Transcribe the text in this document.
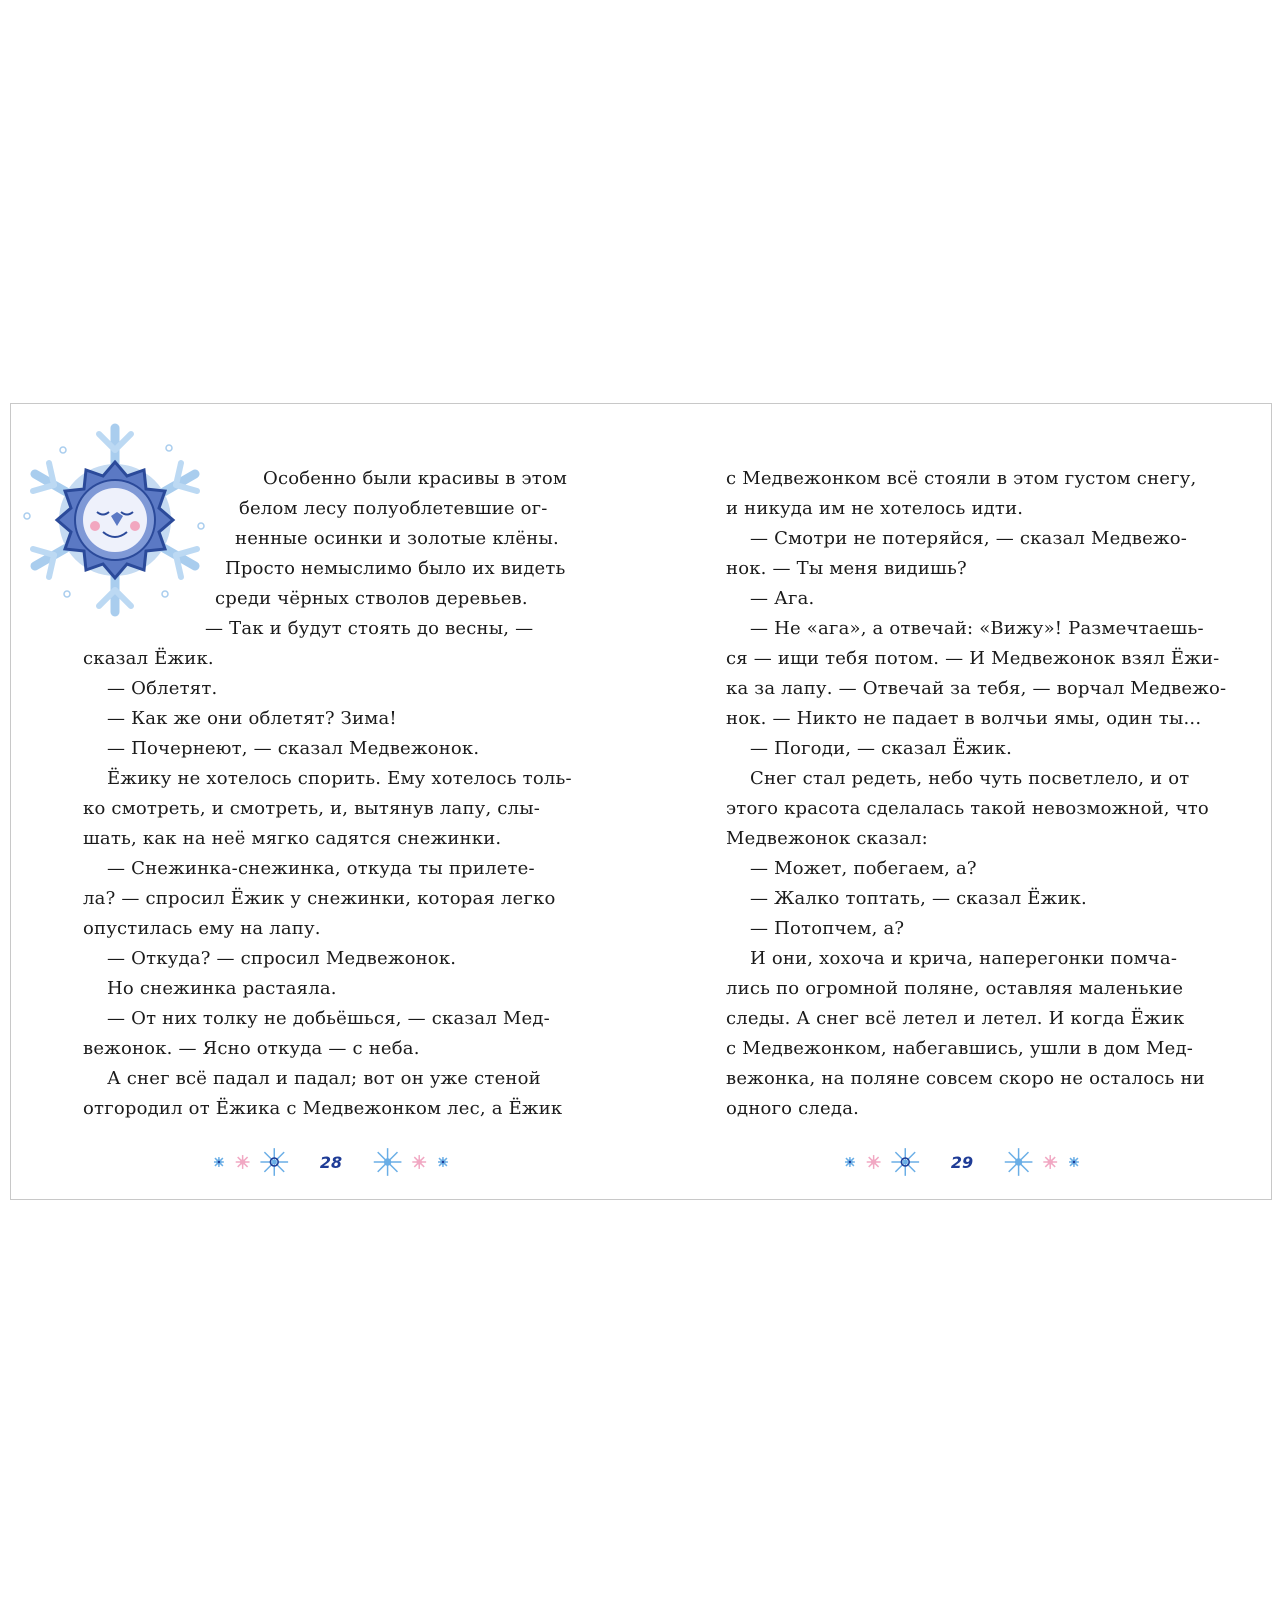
Особенно были красивы в этом
белом лесу полуоблетевшие ог-
ненные осинки и золотые клёны.
Просто немыслимо было их видеть
среди чёрных стволов деревьев.
— Так и будут стоять до весны, —
сказал Ёжик.
— Облетят.
— Как же они облетят? Зима!
— Почернеют, — сказал Медвежонок.
Ёжику не хотелось спорить. Ему хотелось толь-
ко смотреть, и смотреть, и, вытянув лапу, слы-
шать, как на неё мягко садятся снежинки.
— Снежинка-снежинка, откуда ты прилете-
ла? — спросил Ёжик у снежинки, которая легко
опустилась ему на лапу.
— Откуда? — спросил Медвежонок.
Но снежинка растаяла.
— От них толку не добьёшься, — сказал Мед-
вежонок. — Ясно откуда — с неба.
А снег всё падал и падал; вот он уже стеной
отгородил от Ёжика с Медвежонком лес, а Ёжик
28
с Медвежонком всё стояли в этом густом снегу,
и никуда им не хотелось идти.
— Смотри не потеряйся, — сказал Медвежо-
нок. — Ты меня видишь?
— Ага.
— Не «ага», а отвечай: «Вижу»! Размечтаешь-
ся — ищи тебя потом. — И Медвежонок взял Ёжи-
ка за лапу. — Отвечай за тебя, — ворчал Медвежо-
нок. — Никто не падает в волчьи ямы, один ты...
— Погоди, — сказал Ёжик.
Снег стал редеть, небо чуть посветлело, и от
этого красота сделалась такой невозможной, что
Медвежонок сказал:
— Может, побегаем, а?
— Жалко топтать, — сказал Ёжик.
— Потопчем, а?
И они, хохоча и крича, наперегонки помча-
лись по огромной поляне, оставляя маленькие
следы. А снег всё летел и летел. И когда Ёжик
с Медвежонком, набегавшись, ушли в дом Мед-
вежонка, на поляне совсем скоро не осталось ни
одного следа.
29
